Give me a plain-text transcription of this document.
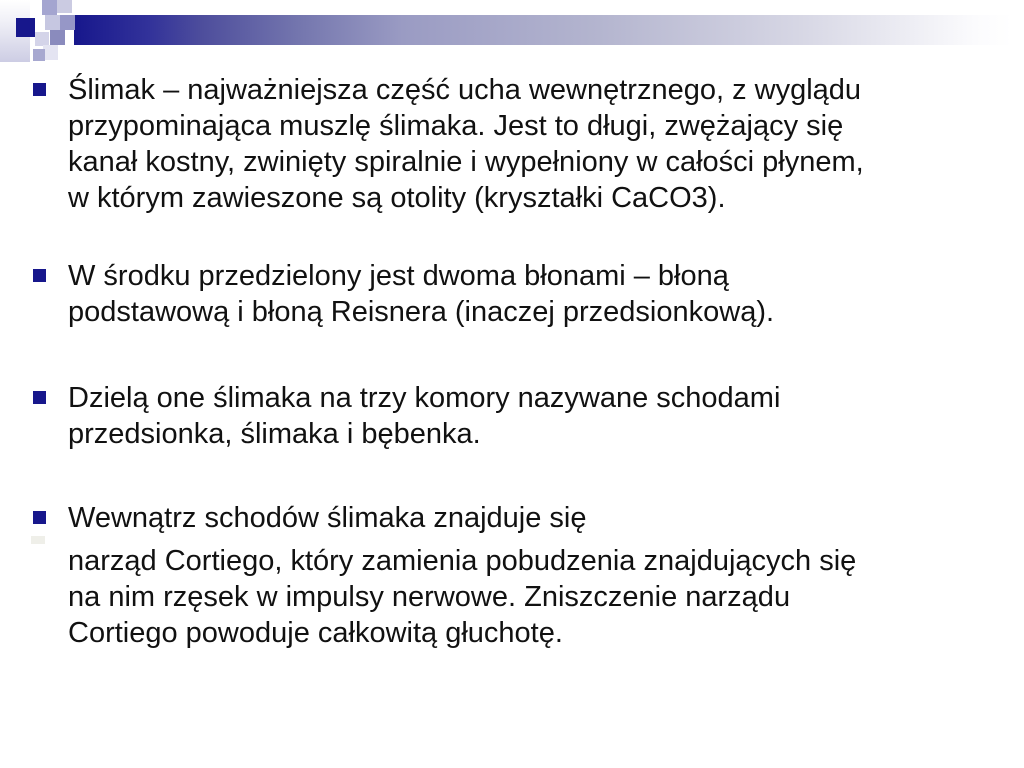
Ślimak – najważniejsza część ucha wewnętrznego, z wyglądu
przypominająca muszlę ślimaka. Jest to długi, zwężający się
kanał kostny, zwinięty spiralnie i wypełniony w całości płynem,
w którym zawieszone są otolity (kryształki CaCO3).
W środku przedzielony jest dwoma błonami – błoną
podstawową i błoną Reisnera (inaczej przedsionkową).
Dzielą one ślimaka na trzy komory nazywane schodami
przedsionka, ślimaka i bębenka.
Wewnątrz schodów ślimaka znajduje się
narząd Cortiego, który zamienia pobudzenia znajdujących się
na nim rzęsek w impulsy nerwowe. Zniszczenie narządu
Cortiego powoduje całkowitą głuchotę.
